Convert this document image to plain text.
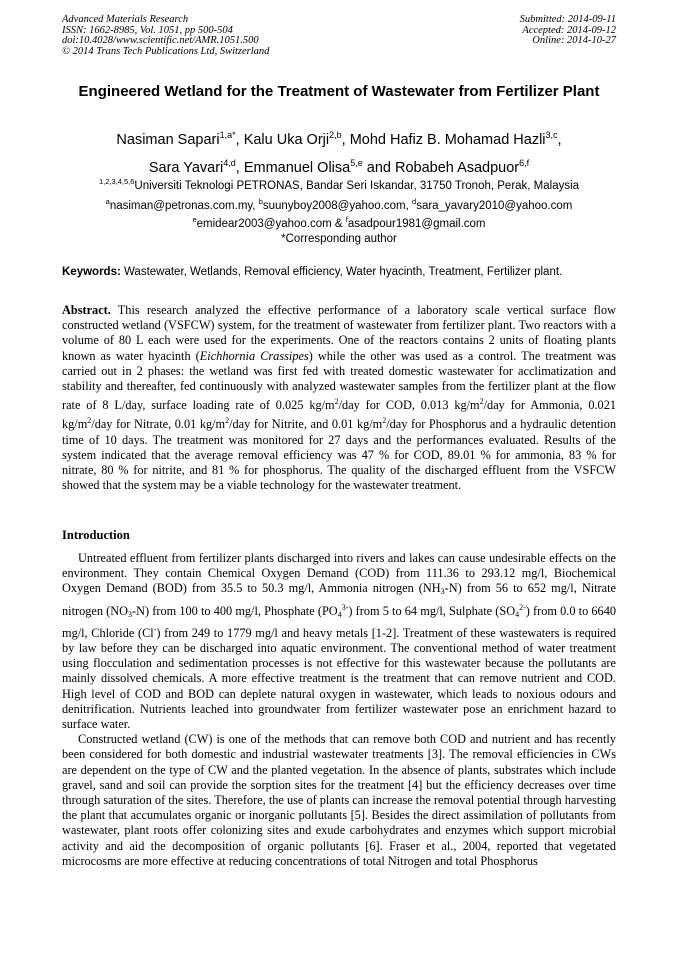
Advanced Materials Research
ISSN: 1662-8985, Vol. 1051, pp 500-504
doi:10.4028/www.scientific.net/AMR.1051.500
© 2014 Trans Tech Publications Ltd, Switzerland
Submitted: 2014-09-11
Accepted: 2014-09-12
Online: 2014-10-27
Engineered Wetland for the Treatment of Wastewater from Fertilizer Plant
Nasiman Sapari$^{1,a*}$, Kalu Uka Orji$^{2,b}$, Mohd Hafiz B. Mohamad Hazli$^{3,c}$,
Sara Yavari$^{4,d}$, Emmanuel Olisa$^{5,e}$ and Robabeh Asadpuor$^{6,f}$
$^{1,2,3,4,5,6}$Universiti Teknologi PETRONAS, Bandar Seri Iskandar, 31750 Tronoh, Perak, Malaysia
$^a$nasiman@petronas.com.my, $^b$suunyboy2008@yahoo.com, $^d$sara_yavary2010@yahoo.com
$^e$emidear2003@yahoo.com & $^f$asadpour1981@gmail.com
*Corresponding author
Keywords: Wastewater, Wetlands, Removal efficiency, Water hyacinth, Treatment, Fertilizer plant.

Abstract. This research analyzed the effective performance of a laboratory scale vertical surface flow constructed wetland (VSFCW) system, for the treatment of wastewater from fertilizer plant. Two reactors with a volume of 80 L each were used for the experiments. One of the reactors contains 2 units of floating plants known as water hyacinth (Eichhornia Crassipes) while the other was used as a control. The treatment was carried out in 2 phases: the wetland was first fed with treated domestic wastewater for acclimatization and stability and thereafter, fed continuously with analyzed wastewater samples from the fertilizer plant at the flow rate of 8 L/day, surface loading rate of 0.025 $kg/m^2$/day for COD, 0.013 $kg/m^2$/day for Ammonia, 0.021 $kg/m^2$/day for Nitrate, 0.01 $kg/m^2$/day for Nitrite, and 0.01 $kg/m^2$/day for Phosphorus and a hydraulic detention time of 10 days. The treatment was monitored for 27 days and the performances evaluated. Results of the system indicated that the average removal efficiency was 47 % for COD, 89.01 % for ammonia, 83 % for nitrate, 80 % for nitrite, and 81 % for phosphorus. The quality of the discharged effluent from the VSFCW showed that the system may be a viable technology for the wastewater treatment.

Introduction

Untreated effluent from fertilizer plants discharged into rivers and lakes can cause undesirable effects on the environment. They contain Chemical Oxygen Demand (COD) from 111.36 to 293.12 mg/l, Biochemical Oxygen Demand (BOD) from 35.5 to 50.3 mg/l, Ammonia nitrogen $(NH_3-N)$ from 56 to 652 mg/l, Nitrate nitrogen $(NO_3-N)$ from 100 to 400 mg/l, Phosphate $(PO_4^{3-})$ from 5 to 64 mg/l, Sulphate $(SO_4^{2-})$ from 0.0 to 6640 mg/l, Chloride (Cl-) from 249 to 1779 mg/l and heavy metals [1-2]. Treatment of these wastewaters is required by law before they can be discharged into aquatic environment. The conventional method of water treatment using flocculation and sedimentation processes is not effective for this wastewater because the pollutants are mainly dissolved chemicals. A more effective treatment is the treatment that can remove nutrient and COD. High level of COD and BOD can deplete natural oxygen in wastewater, which leads to noxious odours and denitrification. Nutrients leached into groundwater from fertilizer wastewater pose an enrichment hazard to surface water.

Constructed wetland (CW) is one of the methods that can remove both COD and nutrient and has recently been considered for both domestic and industrial wastewater treatments [3]. The removal efficiencies in CWs are dependent on the type of CW and the planted vegetation. In the absence of plants, substrates which include gravel, sand and soil can provide the sorption sites for the treatment [4] but the efficiency decreases over time through saturation of the sites. Therefore, the use of plants can increase the removal potential through harvesting the plant that accumulates organic or inorganic pollutants [5]. Besides the direct assimilation of pollutants from wastewater, plant roots offer colonizing sites and exude carbohydrates and enzymes which support microbial activity and aid the decomposition of organic pollutants [6]. Fraser et al., 2004, reported that vegetated microcosms are more effective at reducing concentrations of total Nitrogen and total Phosphorus
